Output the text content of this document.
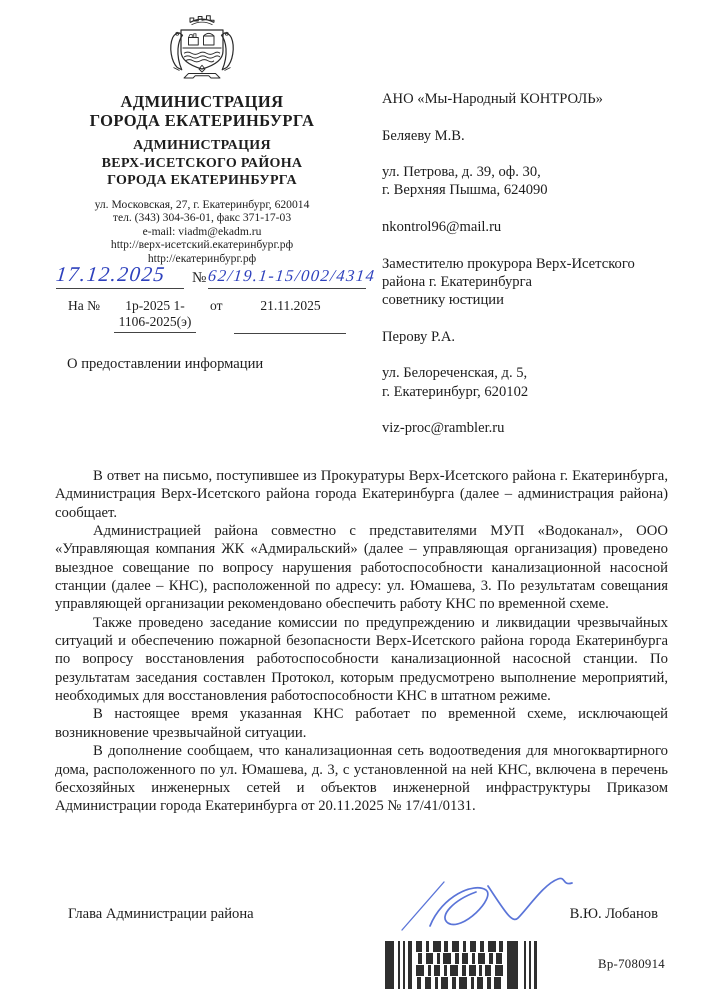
АДМИНИСТРАЦИЯ
ГОРОДА ЕКАТЕРИНБУРГА
АДМИНИСТРАЦИЯ
ВЕРХ-ИСЕТСКОГО РАЙОНА
ГОРОДА ЕКАТЕРИНБУРГА
ул. Московская, 27, г. Екатеринбург, 620014
тел. (343) 304-36-01, факс 371-17-03
e-mail: viadm@ekadm.ru
http://верх-исетский.екатеринбург.рф
http://екатеринбург.рф
17.12.2025	№ 62/19.1-15/002/4314
На №	1р-2025 1-
1106-2025(э)
от	21.11.2025
О предоставлении информации
АНО «Мы-Народный КОНТРОЛЬ»
Беляеву М.В.
ул. Петрова, д. 39, оф. 30,
г. Верхняя Пышма, 624090
nkontrol96@mail.ru
Заместителю прокурора Верх-Исетского
района г. Екатеринбурга
советнику юстиции
Перову Р.А.
ул. Белореченская, д. 5,
г. Екатеринбург, 620102
viz-proc@rambler.ru

В ответ на письмо, поступившее из Прокуратуры Верх-Исетского района г. Екатеринбурга, Администрация Верх-Исетского района города Екатеринбурга (далее – администрация района) сообщает.

Администрацией района совместно с представителями МУП «Водоканал», ООО «Управляющая компания ЖК «Адмиральский» (далее – управляющая организация) проведено выездное совещание по вопросу нарушения работоспособности канализационной насосной станции (далее – КНС), расположенной по адресу: ул. Юмашева, 3. По результатам совещания управляющей организации рекомендовано обеспечить работу КНС по временной схеме.

Также проведено заседание комиссии по предупреждению и ликвидации чрезвычайных ситуаций и обеспечению пожарной безопасности Верх-Исетского района города Екатеринбурга по вопросу восстановления работоспособности канализационной насосной станции. По результатам заседания составлен Протокол, которым предусмотрено выполнение мероприятий, необходимых для восстановления работоспособности КНС в штатном режиме.

В настоящее время указанная КНС работает по временной схеме, исключающей возникновение чрезвычайной ситуации.

В дополнение сообщаем, что канализационная сеть водоотведения для многоквартирного дома, расположенного по ул. Юмашева, д. 3, с установленной на ней КНС, включена в перечень бесхозяйных инженерных сетей и объектов инженерной инфраструктуры Приказом Администрации города Екатеринбурга от 20.11.2025 № 17/41/0131.

Глава Администрации района	В.Ю. Лобанов
Вр-7080914
